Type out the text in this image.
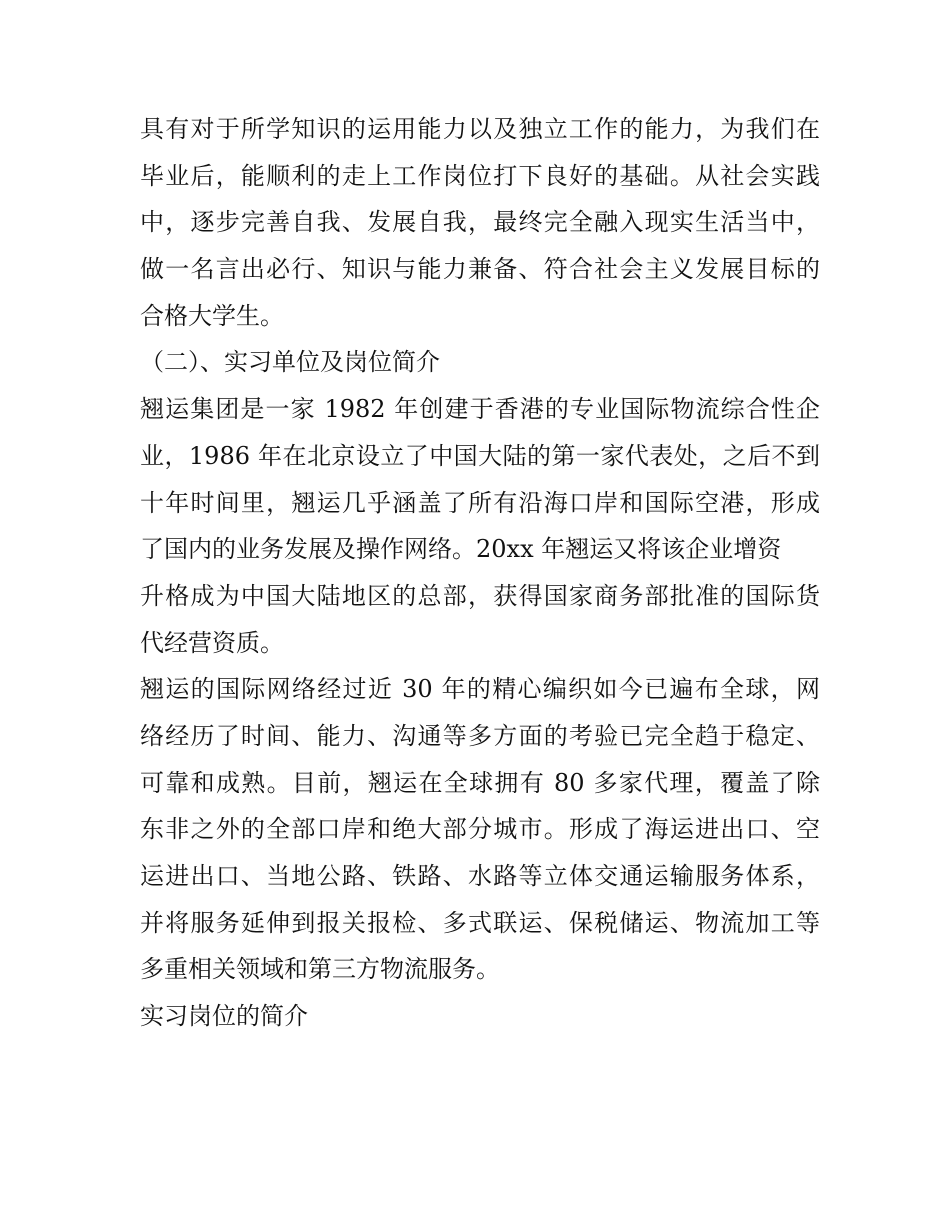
具有对于所学知识的运用能力以及独立工作的能力，为我们在
毕业后，能顺利的走上工作岗位打下良好的基础。从社会实践
中，逐步完善自我、发展自我，最终完全融入现实生活当中，
做一名言出必行、知识与能力兼备、符合社会主义发展目标的
合格大学生。
（二）、实习单位及岗位简介
翘运集团是一家 1982 年创建于香港的专业国际物流综合性企
业，1986 年在北京设立了中国大陆的第一家代表处，之后不到
十年时间里，翘运几乎涵盖了所有沿海口岸和国际空港，形成
了国内的业务发展及操作网络。20xx 年翘运又将该企业增资
升格成为中国大陆地区的总部，获得国家商务部批准的国际货
代经营资质。
翘运的国际网络经过近 30 年的精心编织如今已遍布全球，网
络经历了时间、能力、沟通等多方面的考验已完全趋于稳定、
可靠和成熟。目前，翘运在全球拥有 80 多家代理，覆盖了除
东非之外的全部口岸和绝大部分城市。形成了海运进出口、空
运进出口、当地公路、铁路、水路等立体交通运输服务体系，
并将服务延伸到报关报检、多式联运、保税储运、物流加工等
多重相关领域和第三方物流服务。
实习岗位的简介
